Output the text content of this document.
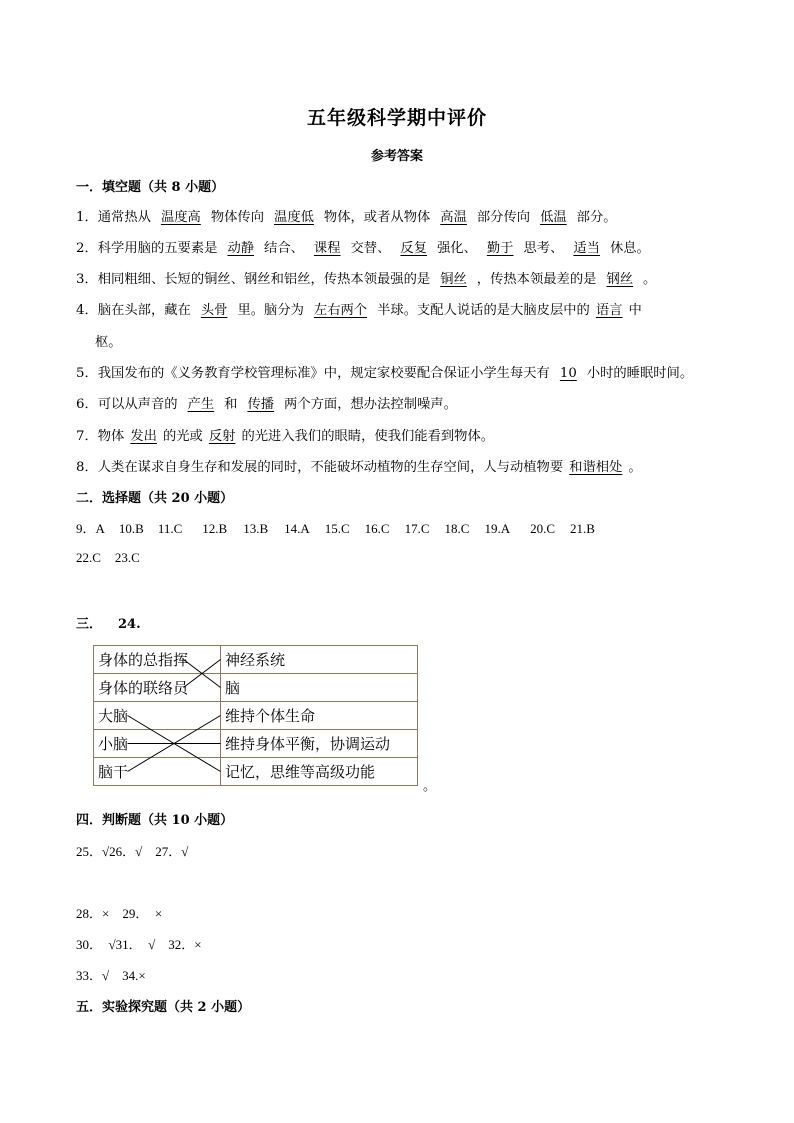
五年级科学期中评价
参考答案
一．填空题（共 8 小题）
1．通常热从 温度高 物体传向 温度低 物体，或者从物体 高温 部分传向 低温 部分。
2．科学用脑的五要素是 动静 结合、 课程 交替、 反复 强化、 勤于 思考、 适当 休息。
3．相同粗细、长短的铜丝、钢丝和铝丝，传热本领最强的是 铜丝 ，传热本领最差的是 钢丝 。
4．脑在头部，藏在 头骨 里。脑分为 左右两个 半球。支配人说话的是大脑皮层中的 语言 中
枢。
5．我国发布的《义务教育学校管理标准》中，规定家校要配合保证小学生每天有 10 小时的睡眠时间。
6．可以从声音的 产生 和 传播 两个方面，想办法控制噪声。
7．物体 发出 的光或 反射 的光进入我们的眼睛，使我们能看到物体。
8．人类在谋求自身生存和发展的同时，不能破坏动植物的生存空间，人与动植物要 和谐相处 。
二．选择题（共 20 小题）
9．A 10.B 11.C 12.B 13.B 14.A 15.C 16.C 17.C 18.C 19.A 20.C 21.B
22.C 23.C
三． 24.
身体的总指挥	神经系统
身体的联络员	脑
大脑	维持个体生命
小脑	维持身体平衡，协调运动
脑干	记忆，思维等高级功能
。
四．判断题（共 10 小题）
25．√26．√　27．√
28．×　29．　×
30．　√31．　√　32．×
33．√　34.×
五．实验探究题（共 2 小题）
